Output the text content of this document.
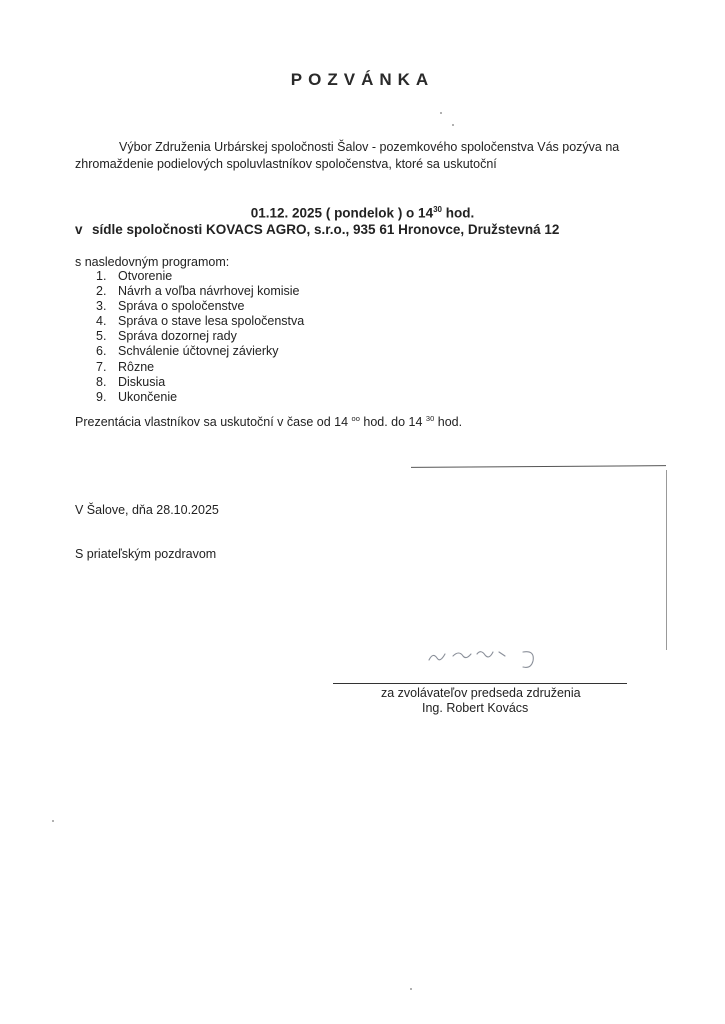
POZVÁNKA
Výbor Združenia Urbárskej spoločnosti Šalov - pozemkového spoločenstva Vás pozýva na
zhromaždenie podielových spoluvlastníkov spoločenstva, ktoré sa uskutoční
01.12. 2025 ( pondelok ) o $14^{30}$ hod.
v sídle spoločnosti KOVACS AGRO, s.r.o., 935 61 Hronovce, Družstevná 12
s nasledovným programom:
1. Otvorenie
2. Návrh a voľba návrhovej komisie
3. Správa o spoločenstve
4. Správa o stave lesa spoločenstva
5. Správa dozornej rady
6. Schválenie účtovnej závierky
7. Rôzne
8. Diskusia
9. Ukončenie
Prezentácia vlastníkov sa uskutoční v čase od 14 $^{oo}$ hod. do 14 $^{30}$ hod.
V Šalove, dňa 28.10.2025
S priateľským pozdravom
za zvolávateľov predseda združenia
Ing. Robert Kovács
